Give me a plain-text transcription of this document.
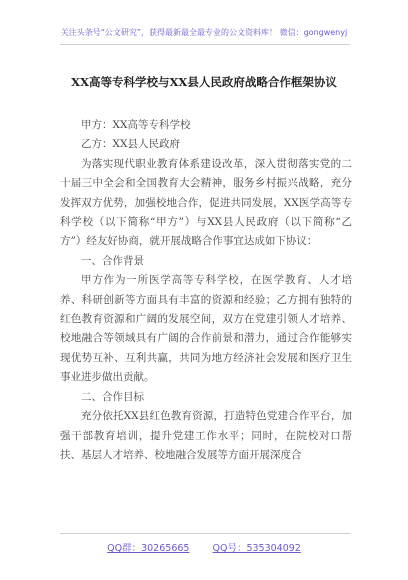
关注头条号“公文研究”，获得最新最全最专业的公文资料库！ 微信：gongwenyj
XX高等专科学校与XX县人民政府战略合作框架协议

甲方：XX高等专科学校

乙方：XX县人民政府

为落实现代职业教育体系建设改革，深入贯彻落实党的二十届三中全会和全国教育大会精神，服务乡村振兴战略，充分发挥双方优势，加强校地合作，促进共同发展，XX医学高等专科学校（以下简称“甲方”）与XX县人民政府（以下简称“乙方”）经友好协商，就开展战略合作事宜达成如下协议：

一、合作背景

甲方作为一所医学高等专科学校，在医学教育、人才培养、科研创新等方面具有丰富的资源和经验；乙方拥有独特的红色教育资源和广阔的发展空间，双方在党建引领人才培养、校地融合等领域具有广阔的合作前景和潜力，通过合作能够实现优势互补、互利共赢，共同为地方经济社会发展和医疗卫生事业进步做出贡献。

二、合作目标

充分依托XX县红色教育资源，打造特色党建合作平台，加强干部教育培训，提升党建工作水平；同时，在院校对口帮扶、基层人才培养、校地融合发展等方面开展深度合

QQ群：30265665 QQ号：535304092
